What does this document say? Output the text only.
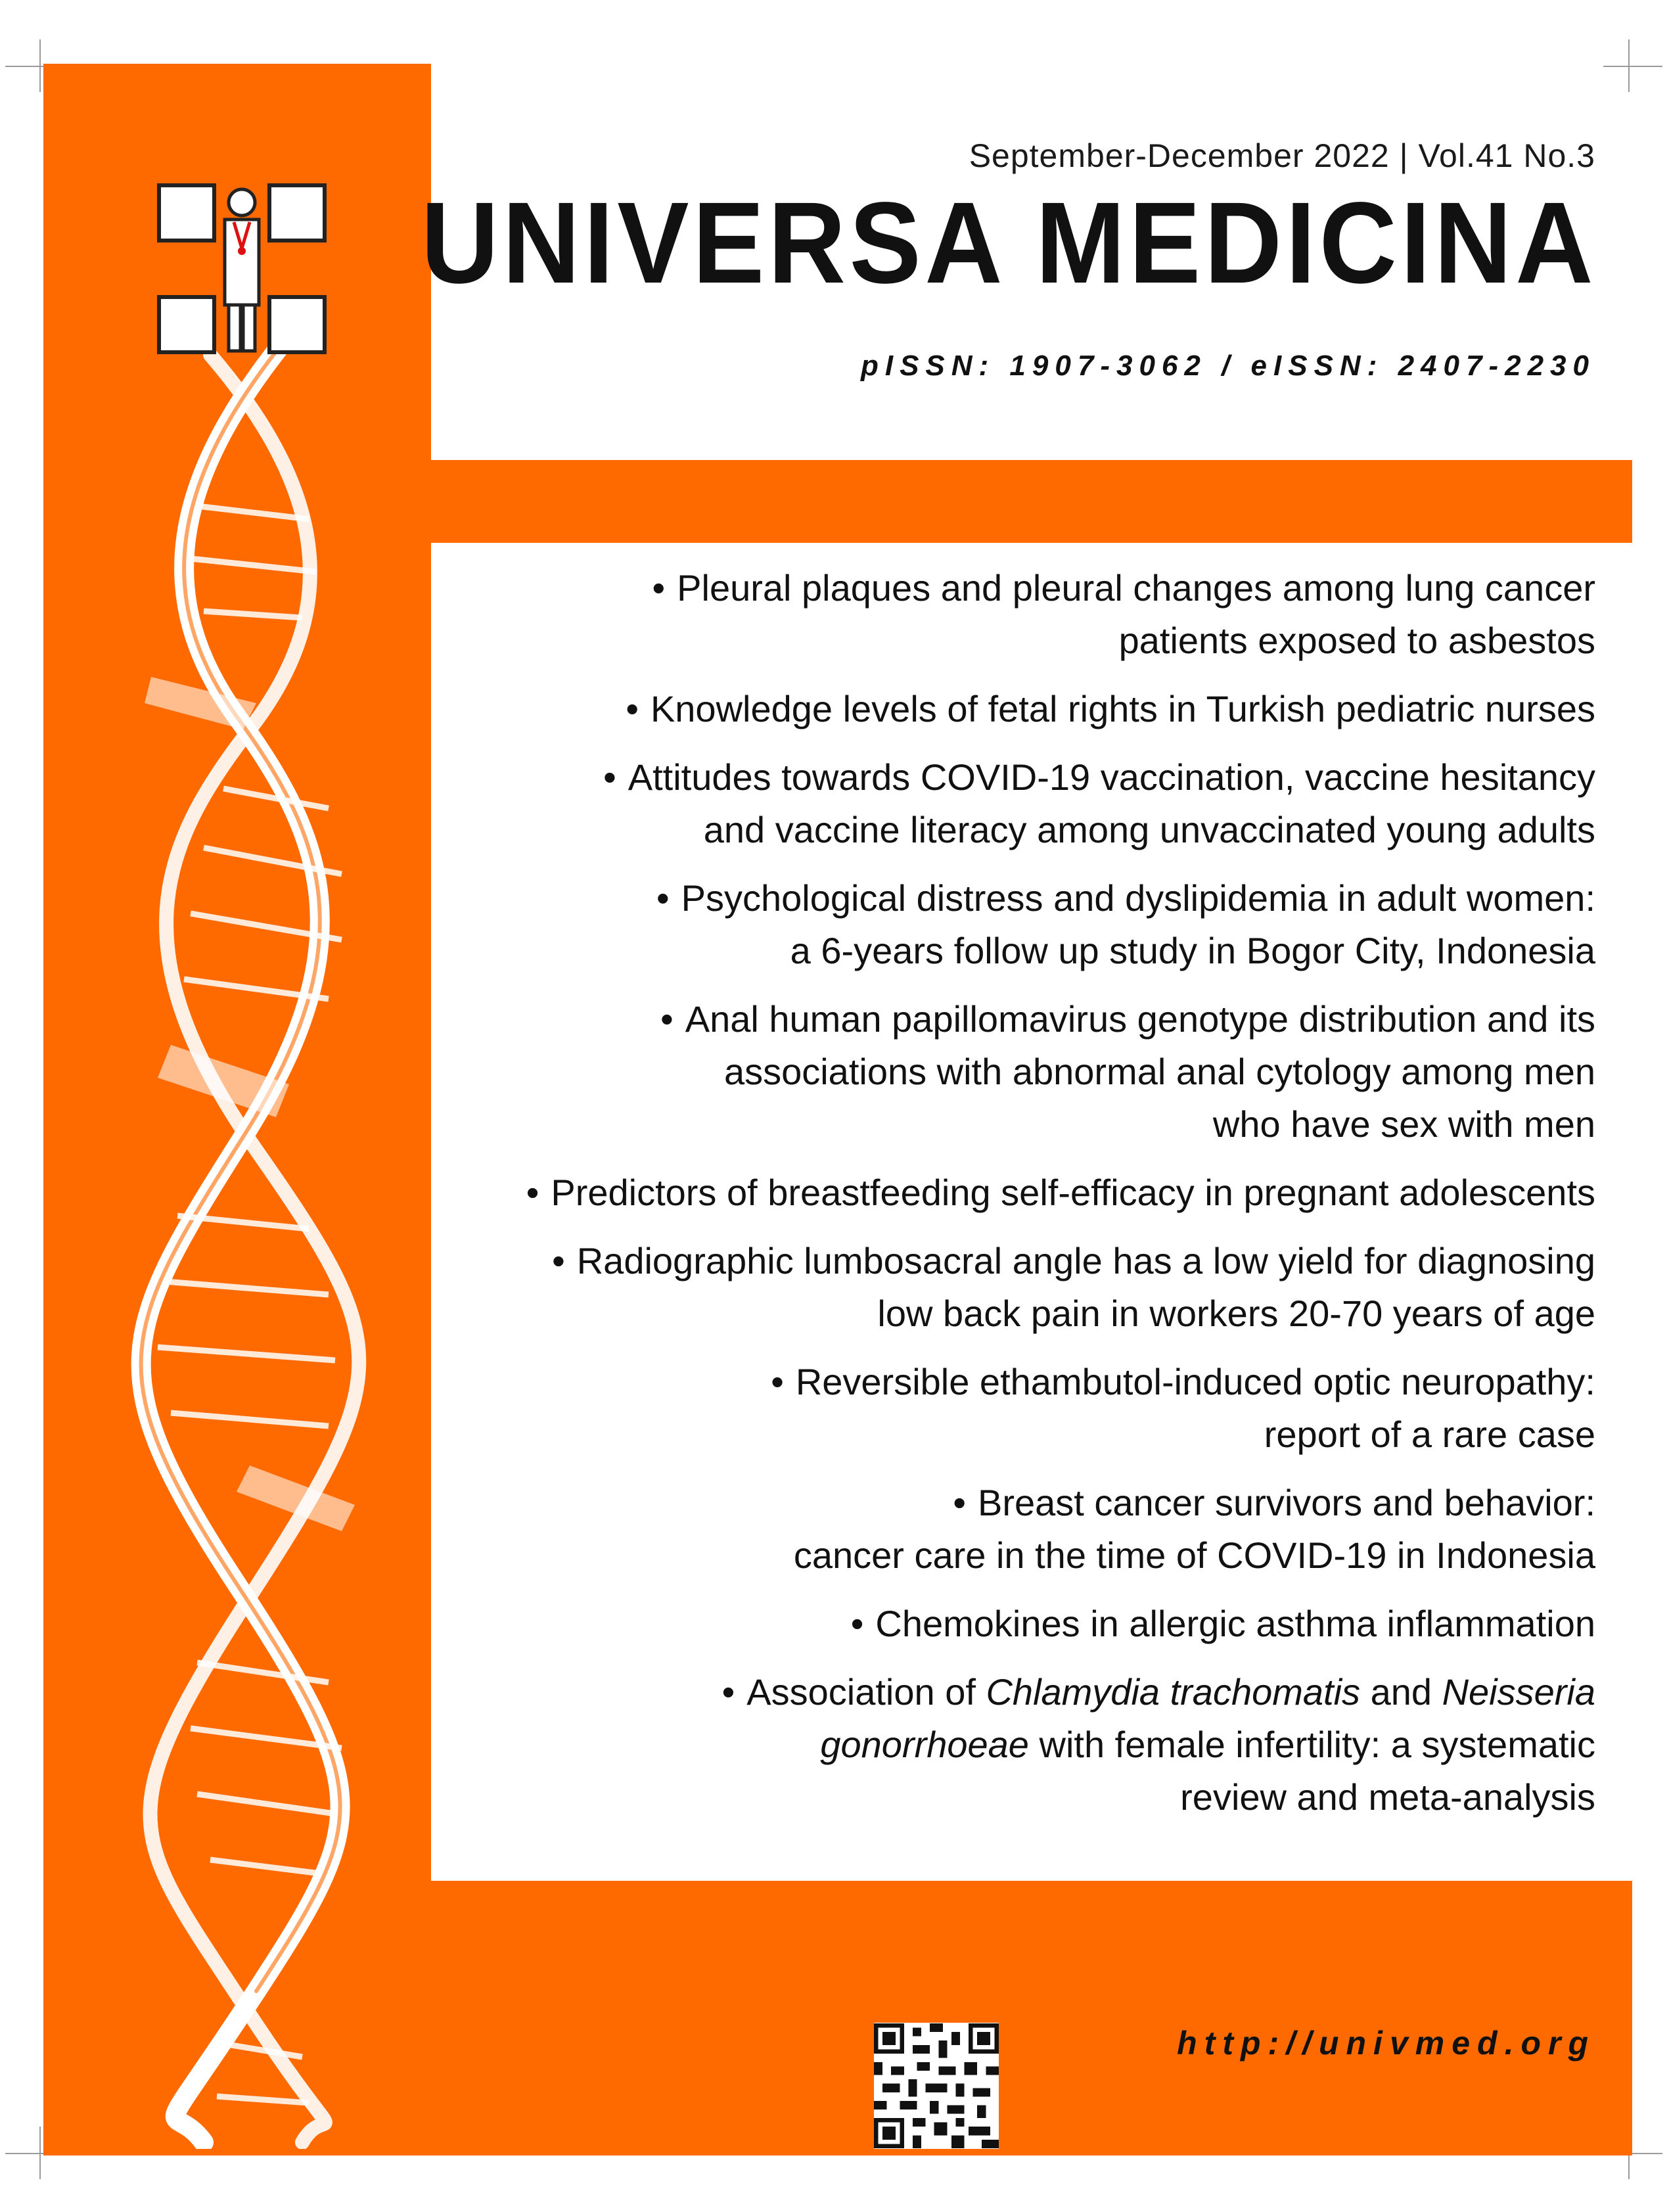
September-December 2022 | Vol.41 No.3
UNIVERSA MEDICINA
pISSN: 1907-3062 / eISSN: 2407-2230
• Pleural plaques and pleural changes among lung cancer
patients exposed to asbestos
• Knowledge levels of fetal rights in Turkish pediatric nurses
• Attitudes towards COVID-19 vaccination, vaccine hesitancy
and vaccine literacy among unvaccinated young adults
• Psychological distress and dyslipidemia in adult women:
a 6-years follow up study in Bogor City, Indonesia
• Anal human papillomavirus genotype distribution and its
associations with abnormal anal cytology among men
who have sex with men
• Predictors of breastfeeding self-efficacy in pregnant adolescents
• Radiographic lumbosacral angle has a low yield for diagnosing
low back pain in workers 20-70 years of age
• Reversible ethambutol-induced optic neuropathy:
report of a rare case
• Breast cancer survivors and behavior:
cancer care in the time of COVID-19 in Indonesia
• Chemokines in allergic asthma inflammation
• Association of Chlamydia trachomatis and Neisseria
gonorrhoeae with female infertility: a systematic
review and meta-analysis
http://univmed.org
